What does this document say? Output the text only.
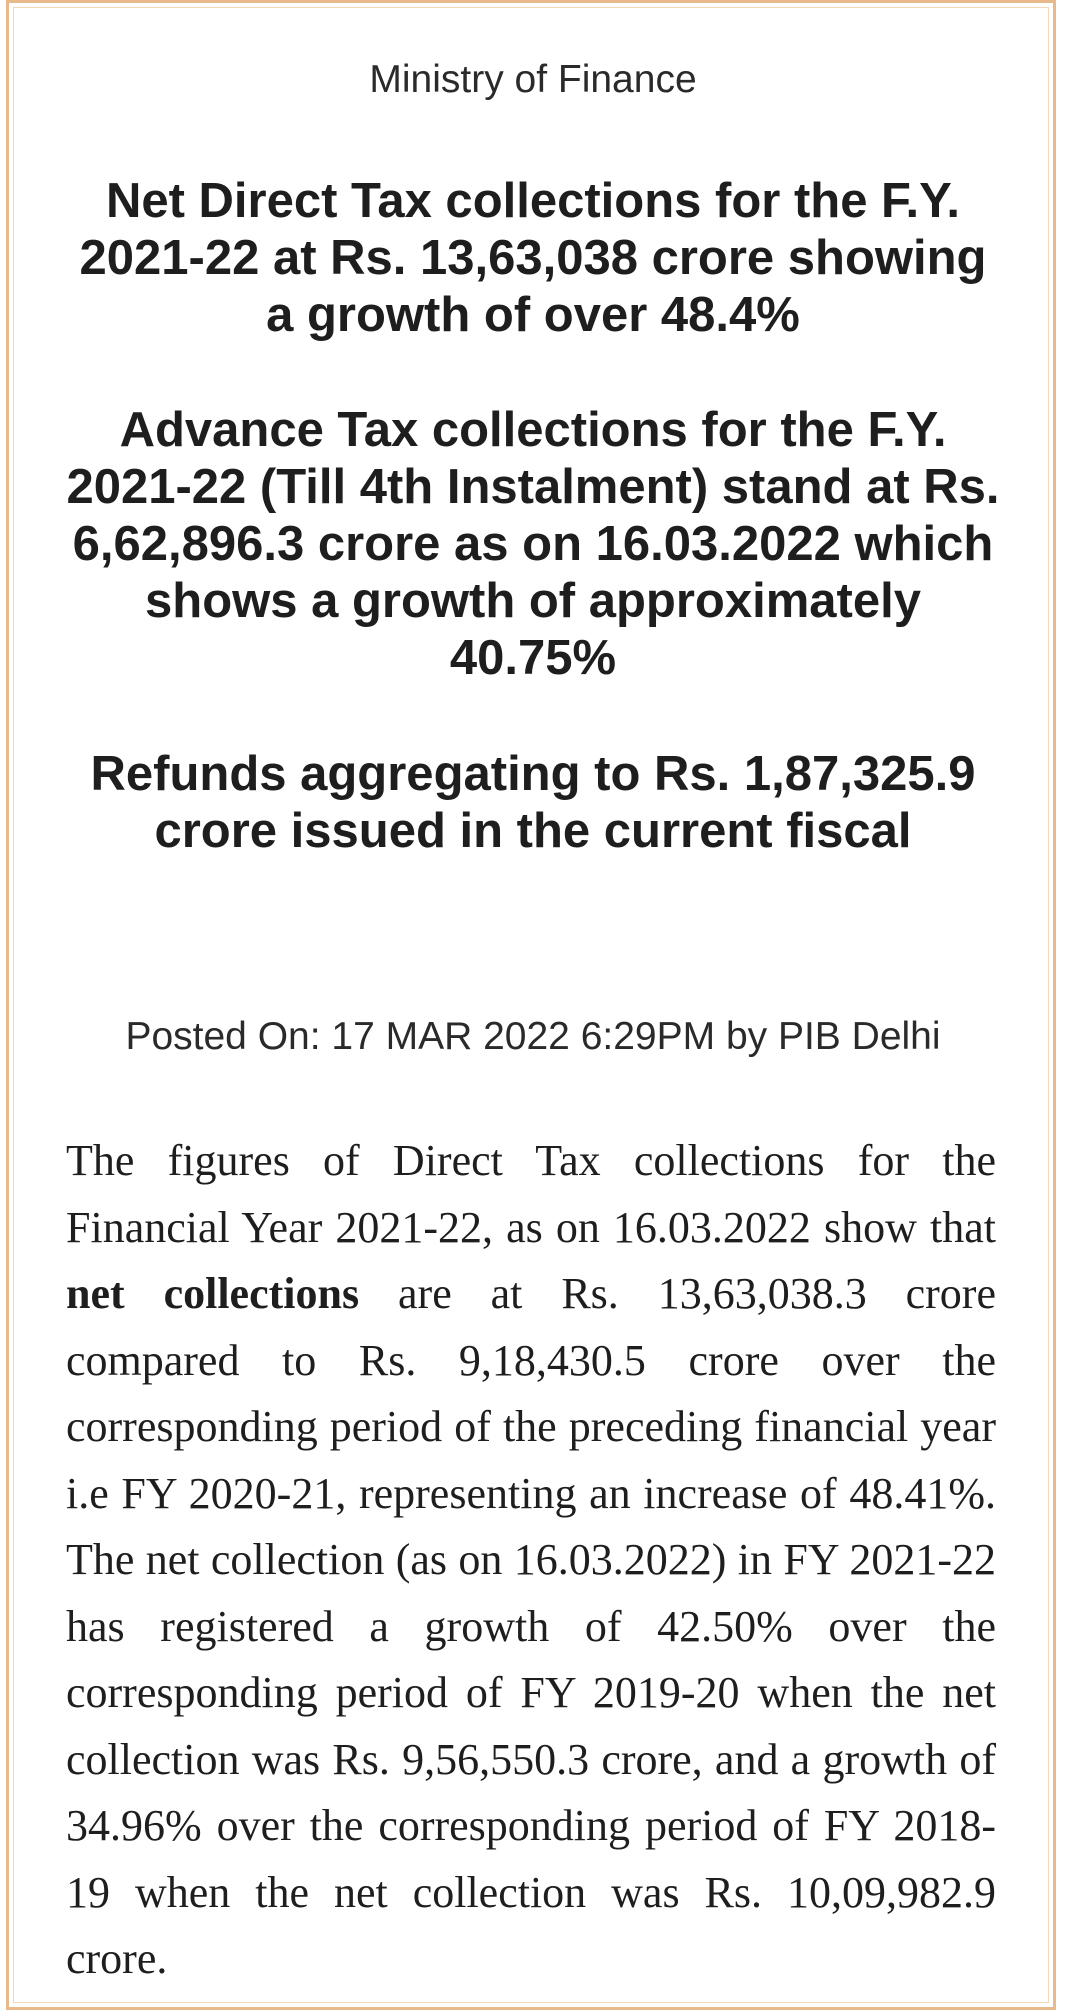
Ministry of Finance
Net Direct Tax collections for the F.Y. 2021-22 at Rs. 13,63,038 crore showing a growth of over 48.4%
Advance Tax collections for the F.Y. 2021-22 (Till 4th Instalment) stand at Rs. 6,62,896.3 crore as on 16.03.2022 which shows a growth of approximately 40.75%
Refunds aggregating to Rs. 1,87,325.9 crore issued in the current fiscal
Posted On: 17 MAR 2022 6:29PM by PIB Delhi

The figures of Direct Tax collections for the Financial Year 2021-22, as on 16.03.2022 show that net collections are at Rs. 13,63,038.3 crore compared to Rs. 9,18,430.5 crore over the corresponding period of the preceding financial year i.e FY 2020-21, representing an increase of 48.41%. The net collection (as on 16.03.2022) in FY 2021-22 has registered a growth of 42.50% over the corresponding period of FY 2019-20 when the net collection was Rs. 9,56,550.3 crore, and a growth of 34.96% over the corresponding period of FY 2018-19 when the net collection was Rs. 10,09,982.9 crore.
